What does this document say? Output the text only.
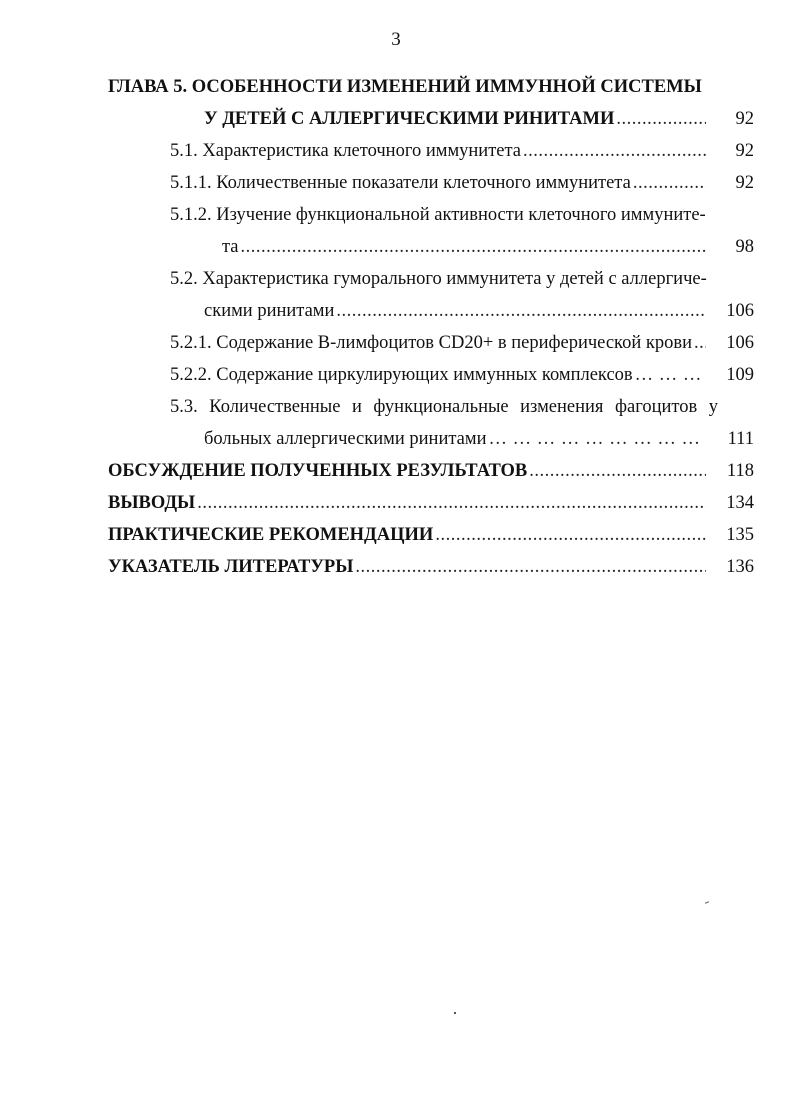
3
ГЛАВА 5. ОСОБЕННОСТИ ИЗМЕНЕНИЙ ИММУННОЙ СИСТЕМЫ
У ДЕТЕЙ С АЛЛЕРГИЧЕСКИМИ РИНИТАМИ .....	92
5.1. Характеристика клеточного иммунитета .....	92
5.1.1. Количественные показатели клеточного иммунитета .....	92
5.1.2. Изучение функциональной активности клеточного иммуните-
та .....	98
5.2. Характеристика гуморального иммунитета у детей с аллергиче-
скими ринитами .....	106
5.2.1. Содержание В-лимфоцитов CD20+ в периферической крови .....	106
5.2.2. Содержание циркулирующих иммунных комплексов … … … … … … … … … … … … … … … … … … … … … … … … … … … … … … … … … … … … … … … … … … … … … … … … … …	109
5.3. Количественные и функциональные изменения фагоцитов у
больных аллергическими ринитами … … … … … … … … … … … … … … … … … … … … … … … … … … … … … … … … … … … … … … … … … … … … … … … … … …	111
ОБСУЖДЕНИЕ ПОЛУЧЕННЫХ РЕЗУЛЬТАТОВ .....	118
ВЫВОДЫ .....	134
ПРАКТИЧЕСКИЕ РЕКОМЕНДАЦИИ .....	135
УКАЗАТЕЛЬ ЛИТЕРАТУРЫ .....	136
